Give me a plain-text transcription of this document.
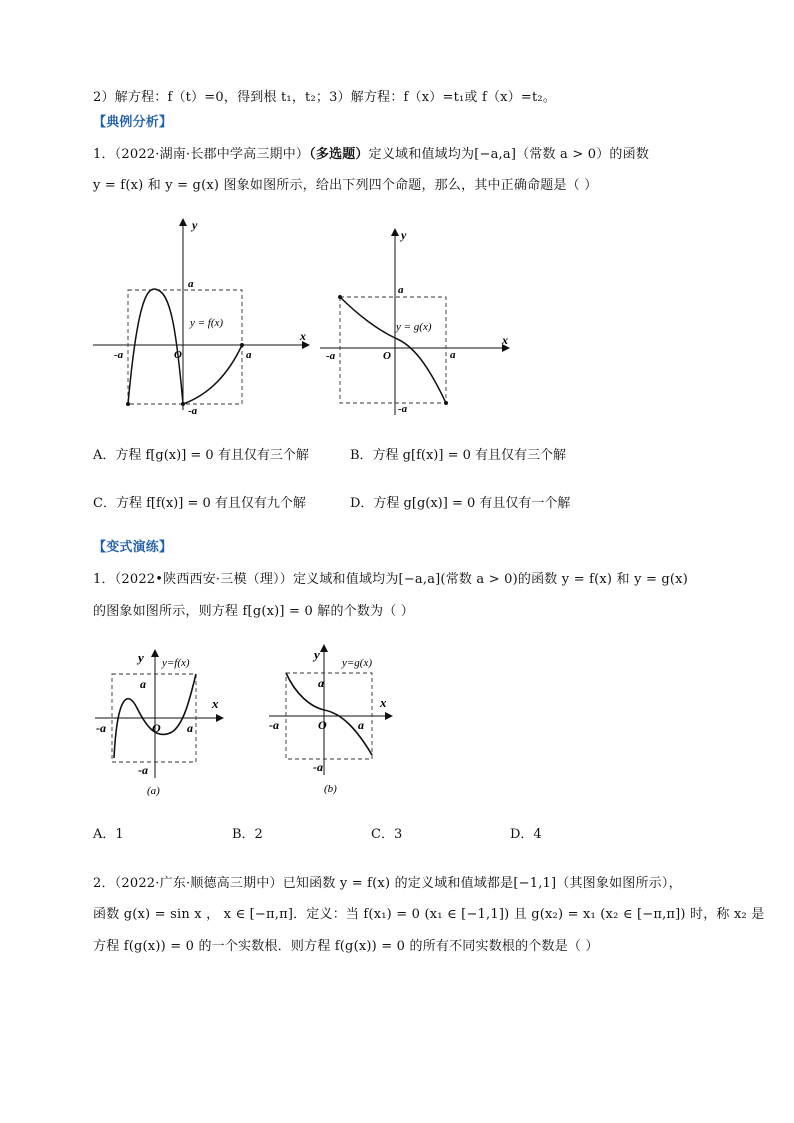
2）解方程：f（t）=0，得到根 t₁，t₂；3）解方程：f（x）=t₁或 f（x）=t₂。
【典例分析】
1．（2022·湖南·长郡中学高三期中）（多选题）定义域和值域均为[−a,a]（常数 a > 0）的函数
y = f(x) 和 y = g(x) 图象如图所示，给出下列四个命题，那么，其中正确命题是（ ）
y
x
a
a
-a
-a
O
y = f(x)
y
x
a
a
-a
-a
O
y = g(x)
A．方程 f[g(x)] = 0 有且仅有三个解	B．方程 g[f(x)] = 0 有且仅有三个解
C．方程 f[f(x)] = 0 有且仅有九个解	D．方程 g[g(x)] = 0 有且仅有一个解
【变式演练】
1．（2022•陕西西安·三模（理））定义域和值域均为[−a,a](常数 a > 0)的函数 y = f(x) 和 y = g(x)
的图象如图所示，则方程 f[g(x)] = 0 解的个数为（ ）
y y=f(x)
x
a
a
-a
-a
O
(a)
y
y=g(x)
x
a
a
-a
-a
O
(b)
A．1	B．2	C．3	D．4
2．（2022·广东·顺德高三期中）已知函数 y = f(x) 的定义域和值域都是[−1,1]（其图象如图所示），
函数 g(x) = sin x ， x ∈ [−π,π]．定义：当 f(x₁) = 0 (x₁ ∈ [−1,1]) 且 g(x₂) = x₁ (x₂ ∈ [−π,π]) 时，称 x₂ 是
方程 f(g(x)) = 0 的一个实数根．则方程 f(g(x)) = 0 的所有不同实数根的个数是（ ）
